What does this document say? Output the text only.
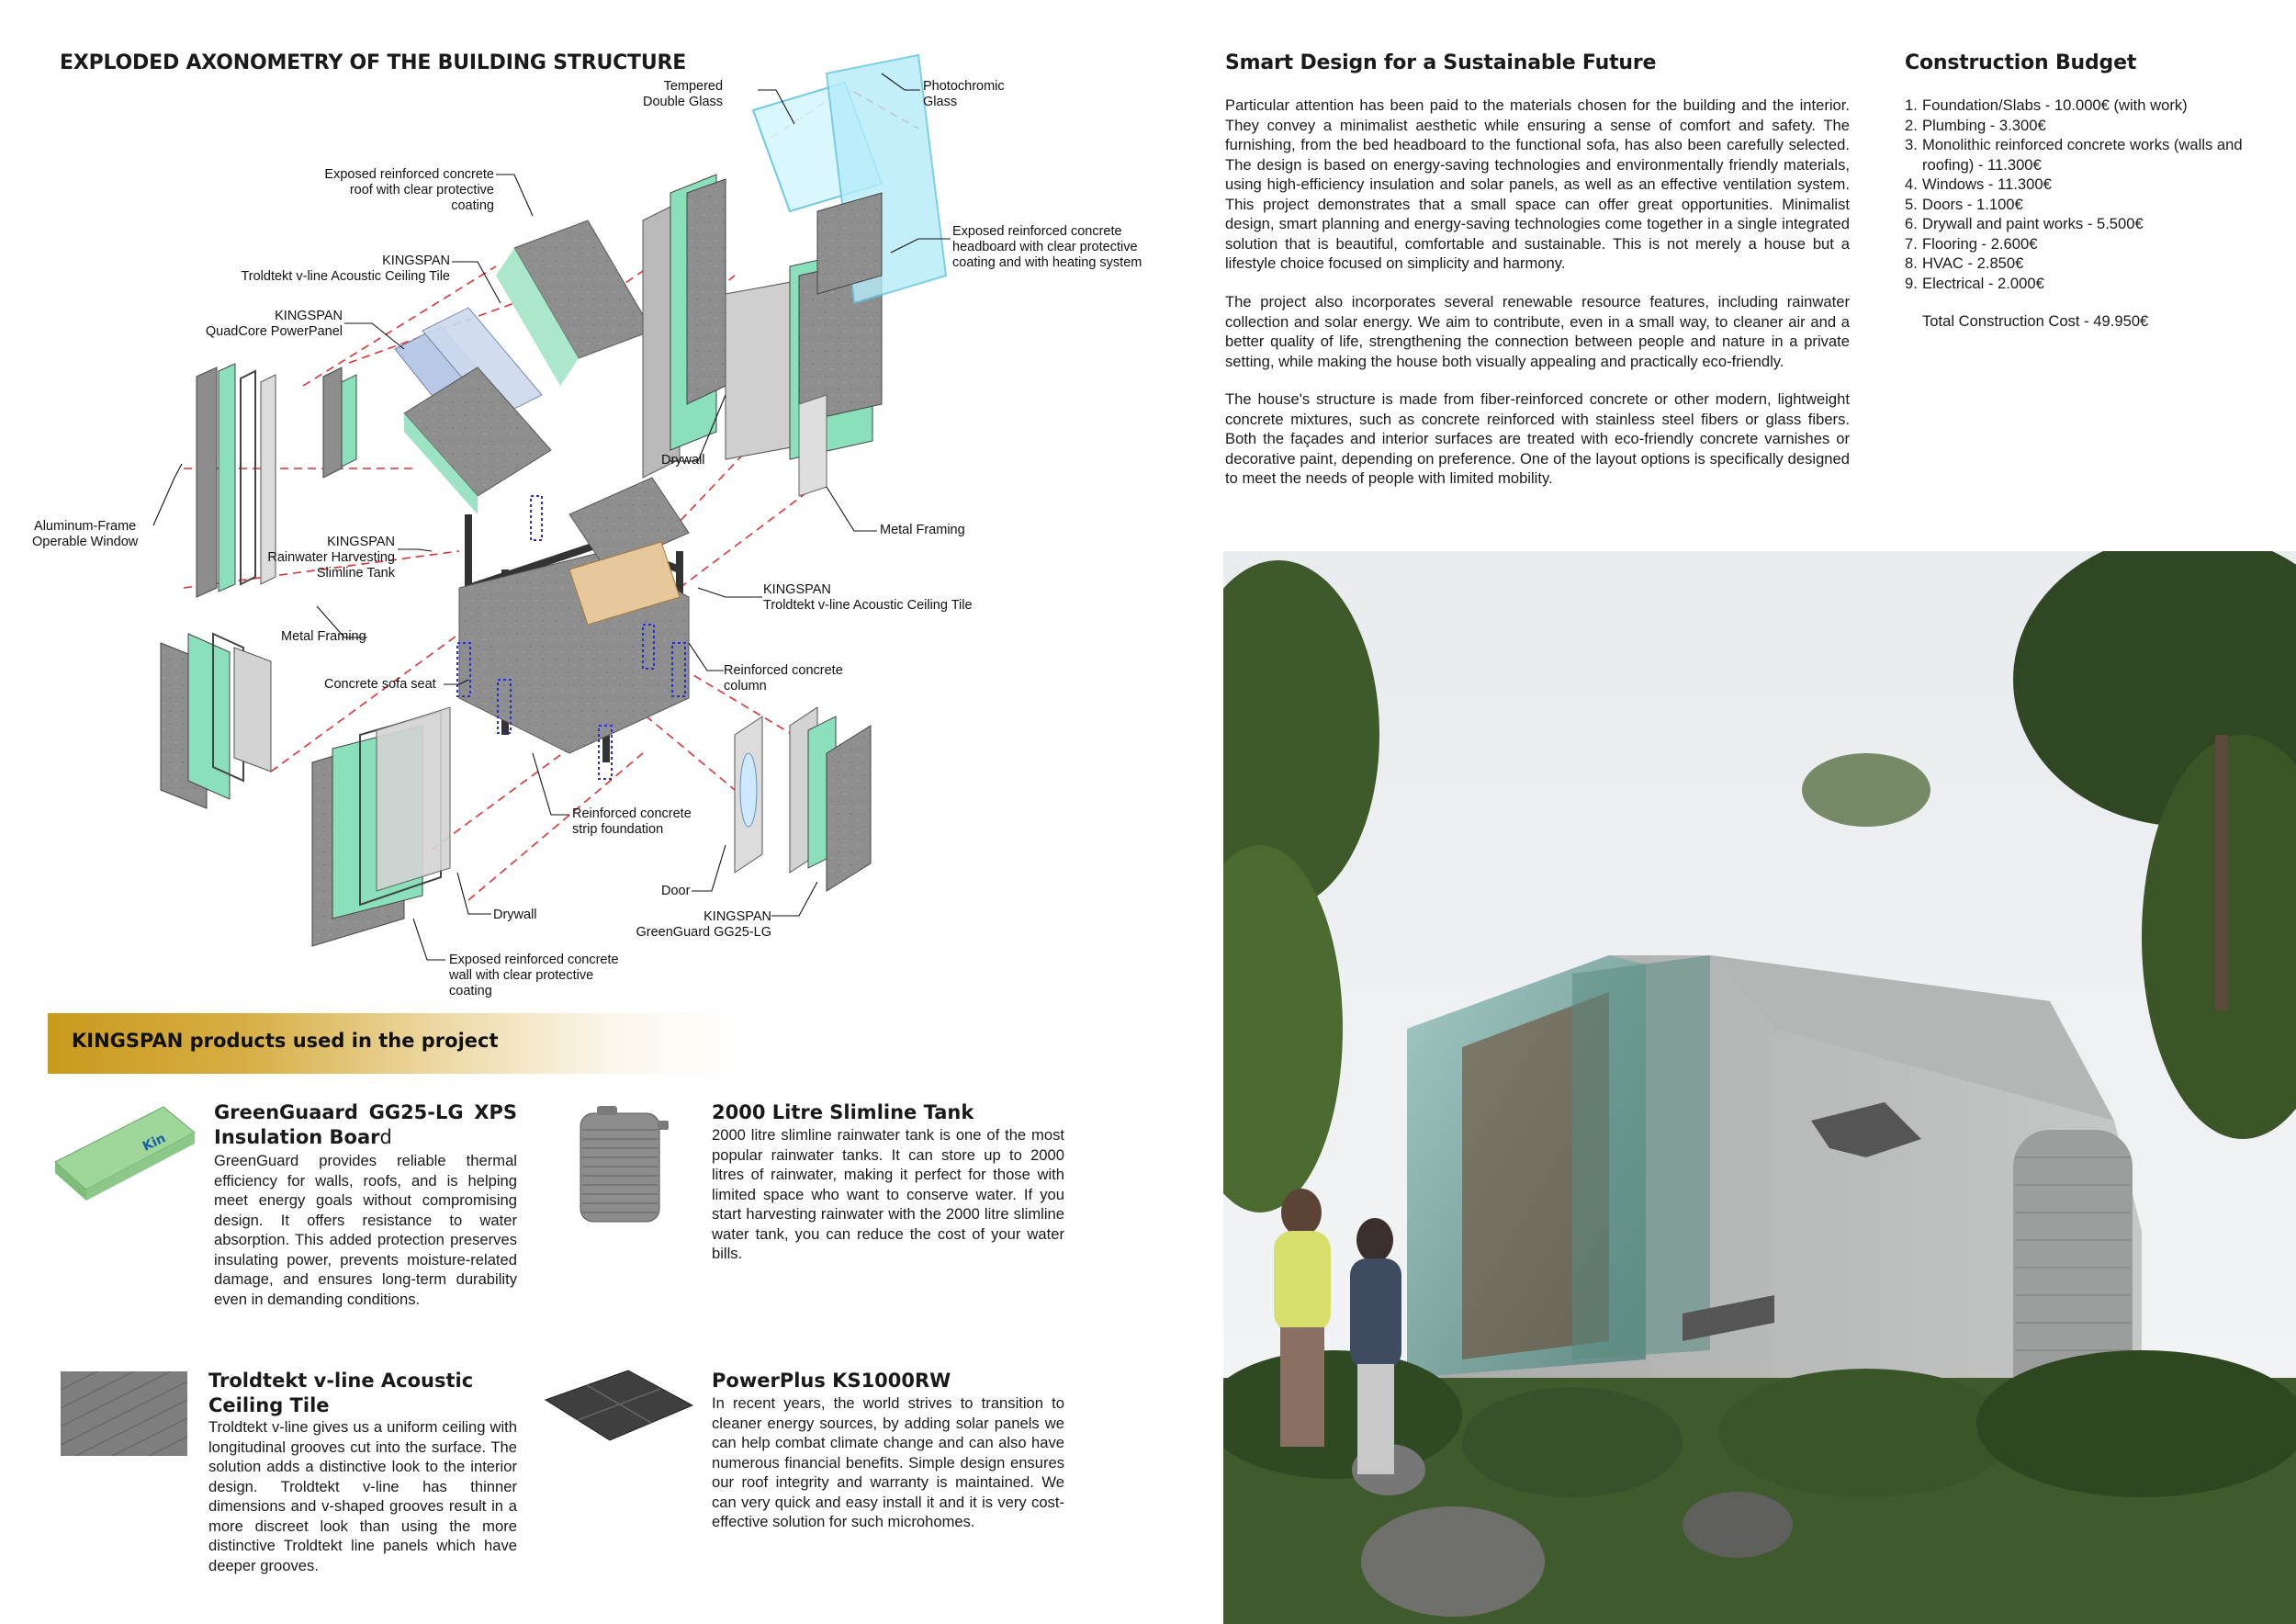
EXPLODED AXONOMETRY OF THE BUILDING STRUCTURE
Tempered
Double Glass
Photochromic
Glass
Exposed reinforced concrete
roof with clear protective
coating
Exposed reinforced concrete
headboard with clear protective
coating and with heating system
KINGSPAN
Troldtekt v-line Acoustic Ceiling Tile
KINGSPAN
QuadCore PowerPanel
Aluminum-Frame
Operable Window
Drywall
Metal Framing
KINGSPAN
Rainwater Harvesting
Slimline Tank
KINGSPAN
Troldtekt v-line Acoustic Ceiling Tile
Metal Framing
Reinforced concrete
column
Concrete sofa seat
Reinforced concrete
strip foundation
Door
Drywall	KINGSPAN
GreenGuard GG25-LG
Exposed reinforced concrete
wall with clear protective
coating
KINGSPAN products used in the project
Kin
GreenGuaard GG25-LG XPS Insulation Board
GreenGuard provides reliable thermal efficiency for walls, roofs, and is helping meet energy goals without compromising design. It offers resistance to water absorption. This added protection preserves insulating power, prevents moisture-related damage, and ensures long-term durability even in demanding conditions.
2000 Litre Slimline Tank
2000 litre slimline rainwater tank is one of the most popular rainwater tanks. It can store up to 2000 litres of rainwater, making it perfect for those with limited space who want to conserve water. If you start harvesting rainwater with the 2000 litre slimline water tank, you can reduce the cost of your water bills.
Troldtekt v-line Acoustic Ceiling Tile
Troldtekt v-line gives us a uniform ceiling with longitudinal grooves cut into the surface. The solution adds a distinctive look to the interior design. Troldtekt v-line has thinner dimensions and v-shaped grooves result in a more discreet look than using the more distinctive Troldtekt line panels which have deeper grooves.
PowerPlus KS1000RW
In recent years, the world strives to transition to cleaner energy sources, by adding solar panels we can help combat climate change and can also have numerous financial benefits. Simple design ensures our roof integrity and warranty is maintained. We can very quick and easy install it and it is very cost-effective solution for such microhomes.
Smart Design for a Sustainable Future
Particular attention has been paid to the materials chosen for the building and the interior. They convey a minimalist aesthetic while ensuring a sense of comfort and safety. The furnishing, from the bed headboard to the functional sofa, has also been carefully selected. The design is based on energy-saving technologies and environmentally friendly materials, using high-efficiency insulation and solar panels, as well as an effective ventilation system. This project demonstrates that a small space can offer great opportunities. Minimalist design, smart planning and energy-saving technologies come together in a single integrated solution that is beautiful, comfortable and sustainable. This is not merely a house but a lifestyle choice focused on simplicity and harmony.
The project also incorporates several renewable resource features, including rainwater collection and solar energy. We aim to contribute, even in a small way, to cleaner air and a better quality of life, strengthening the connection between people and nature in a private setting, while making the house both visually appealing and practically eco-friendly.
The house's structure is made from fiber-reinforced concrete or other modern, lightweight concrete mixtures, such as concrete reinforced with stainless steel fibers or glass fibers. Both the façades and interior surfaces are treated with eco-friendly concrete varnishes or decorative paint, depending on preference. One of the layout options is specifically designed to meet the needs of people with limited mobility.
Construction Budget
1. Foundation/Slabs - 10.000€ (with work)
2. Plumbing - 3.300€
3. Monolithic reinforced concrete works (walls and roofing) - 11.300€
4. Windows - 11.300€
5. Doors - 1.100€
6. Drywall and paint works - 5.500€
7. Flooring - 2.600€
8. HVAC - 2.850€
9. Electrical - 2.000€
Total Construction Cost - 49.950€
